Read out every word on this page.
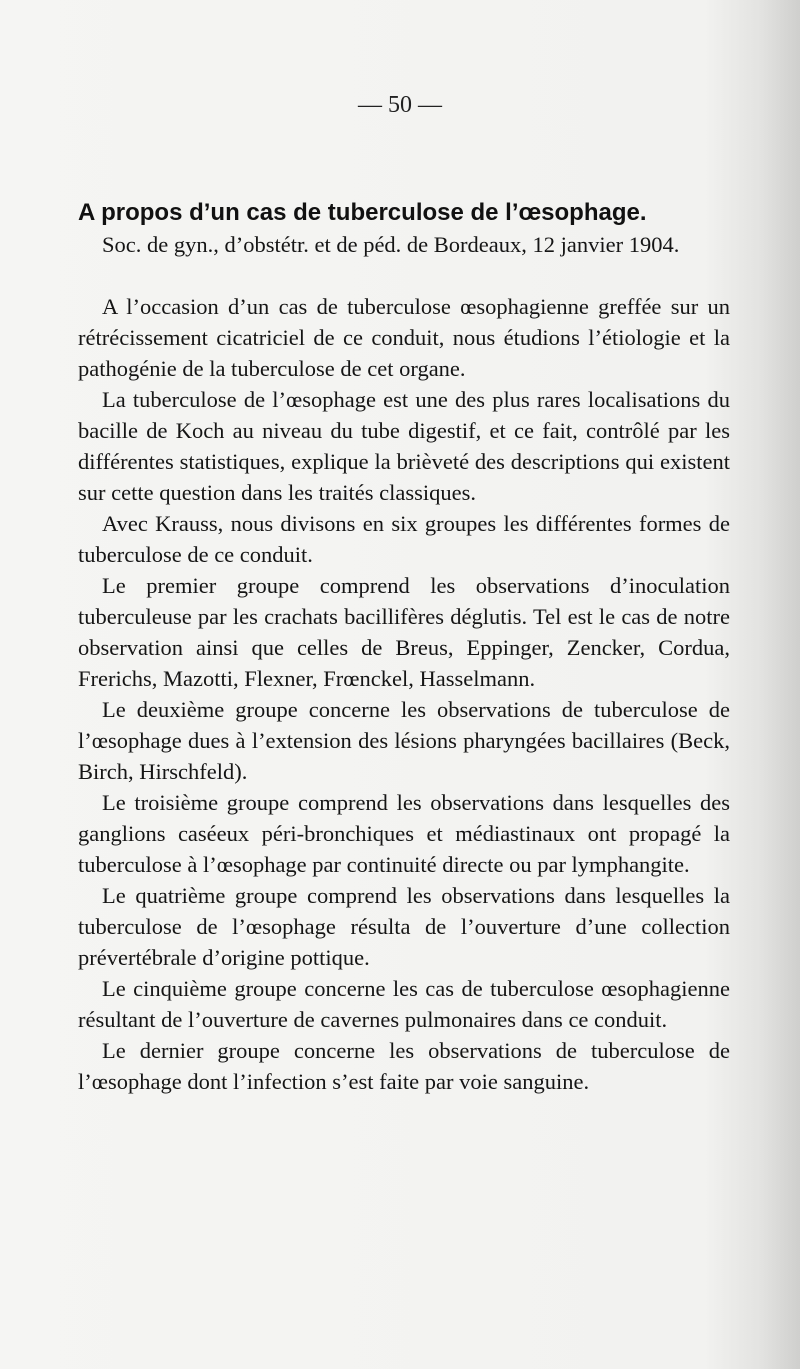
— 50 —

A propos d’un cas de tuberculose de l’œsophage.

Soc. de gyn., d’obstétr. et de péd. de Bordeaux, 12 janvier 1904.

A l’occasion d’un cas de tuberculose œsophagienne greffée sur un rétrécissement cicatriciel de ce conduit, nous étudions l’étiologie et la pathogénie de la tuberculose de cet organe.

La tuberculose de l’œsophage est une des plus rares localisations du bacille de Koch au niveau du tube digestif, et ce fait, contrôlé par les différentes statistiques, explique la brièveté des descriptions qui existent sur cette question dans les traités classiques.

Avec Krauss, nous divisons en six groupes les différentes formes de tuberculose de ce conduit.

Le premier groupe comprend les observations d’inoculation tuberculeuse par les crachats bacillifères déglutis. Tel est le cas de notre observation ainsi que celles de Breus, Eppinger, Zencker, Cordua, Frerichs, Mazotti, Flexner, Frœnckel, Hasselmann.

Le deuxième groupe concerne les observations de tuberculose de l’œsophage dues à l’extension des lésions pharyngées bacillaires (Beck, Birch, Hirschfeld).

Le troisième groupe comprend les observations dans lesquelles des ganglions caséeux péri-bronchiques et médiastinaux ont propagé la tuberculose à l’œsophage par continuité directe ou par lymphangite.

Le quatrième groupe comprend les observations dans lesquelles la tuberculose de l’œsophage résulta de l’ouverture d’une collection prévertébrale d’origine pottique.

Le cinquième groupe concerne les cas de tuberculose œsophagienne résultant de l’ouverture de cavernes pulmonaires dans ce conduit.

Le dernier groupe concerne les observations de tuberculose de l’œsophage dont l’infection s’est faite par voie sanguine.
